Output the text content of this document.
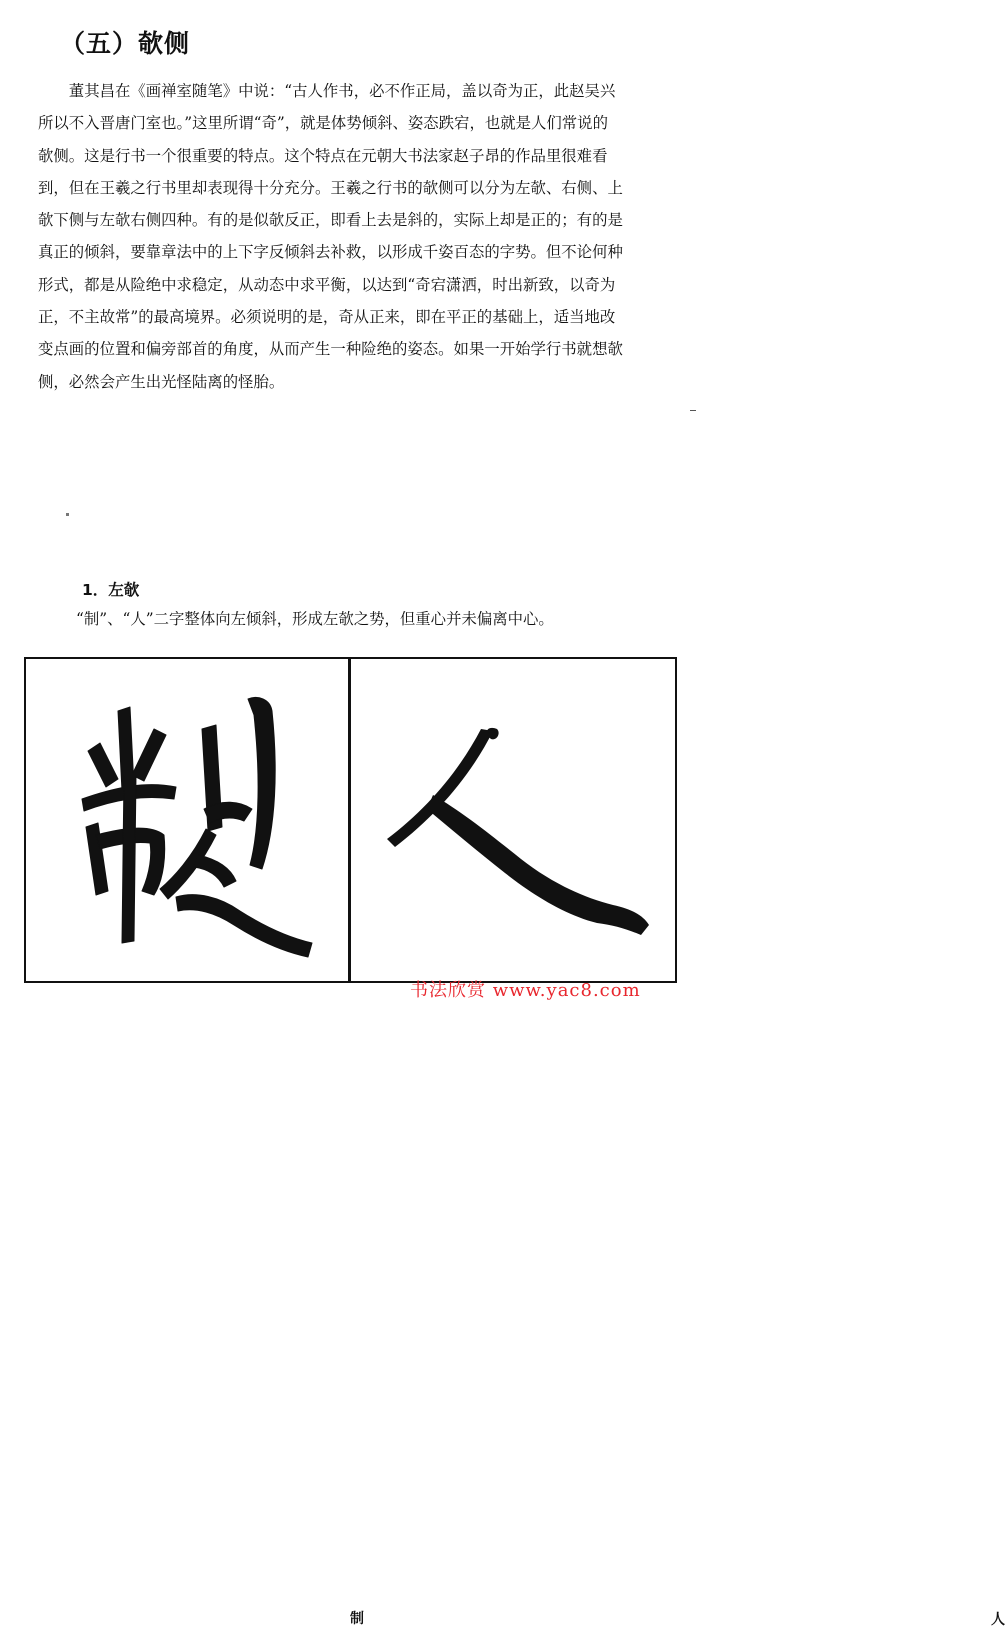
（五）欹侧
董其昌在《画禅室随笔》中说：“古人作书，必不作正局，盖以奇为正，此赵吴兴
所以不入晋唐门室也。”这里所谓“奇”，就是体势倾斜、姿态跌宕，也就是人们常说的
欹侧。这是行书一个很重要的特点。这个特点在元朝大书法家赵子昂的作品里很难看
到，但在王羲之行书里却表现得十分充分。王羲之行书的欹侧可以分为左欹、右侧、上
欹下侧与左欹右侧四种。有的是似欹反正，即看上去是斜的，实际上却是正的；有的是
真正的倾斜，要靠章法中的上下字反倾斜去补救，以形成千姿百态的字势。但不论何种
形式，都是从险绝中求稳定，从动态中求平衡，以达到“奇宕潇洒，时出新致，以奇为
正，不主故常”的最高境界。必须说明的是，奇从正来，即在平正的基础上，适当地改
变点画的位置和偏旁部首的角度，从而产生一种险绝的姿态。如果一开始学行书就想欹
侧，必然会产生出光怪陆离的怪胎。
1．左欹
“制”、“人”二字整体向左倾斜，形成左欹之势，但重心并未偏离中心。
制	人
书法欣赏 www.yac8.com
